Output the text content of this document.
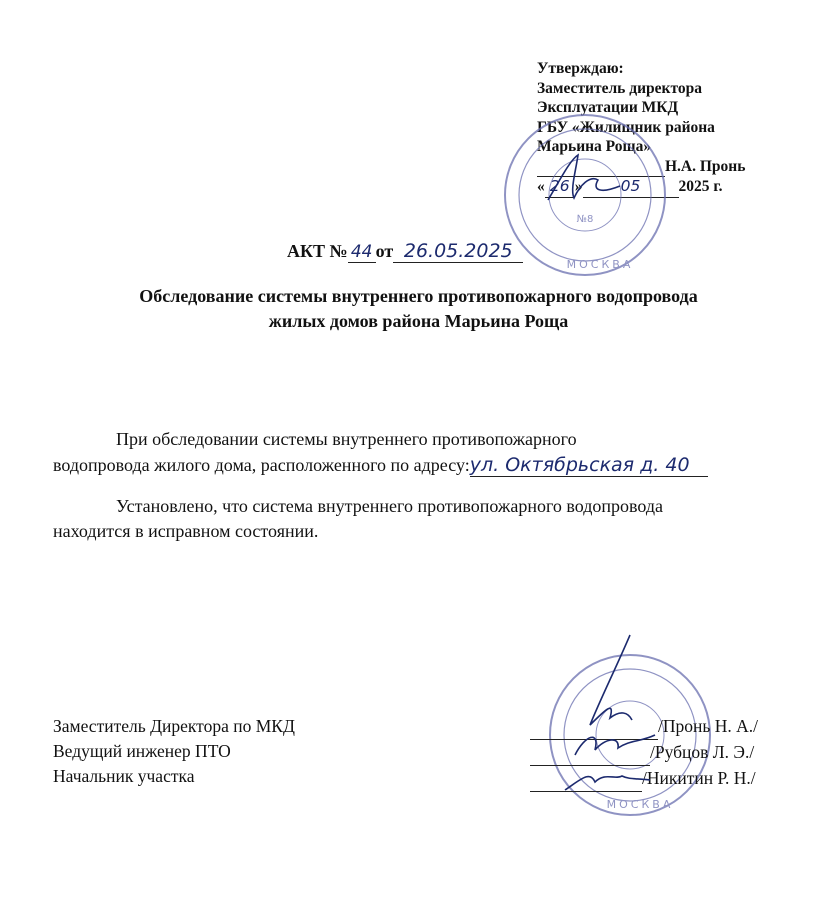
Утверждаю:
Заместитель директора
Эксплуатации МКД
ГБУ «Жилищник района
Марьина Роща»
Н.А. Пронь
« 26 » 05 2025 г.
№8
МОСКВА
АКТ № 44 от 26.05.2025
Обследование системы внутреннего противопожарного водопровода
жилых домов района Марьина Роща
При обследовании системы внутреннего противопожарного
водопровода жилого дома, расположенного по адресу:ул. Октябрьская д. 40
Установлено, что система внутреннего противопожарного водопровода
находится в исправном состоянии.
МОСКВА
Заместитель Директора по МКД
Ведущий инженер ПТО
Начальник участка
/Пронь Н. А./
/Рубцов Л. Э./
/Никитин Р. Н./
